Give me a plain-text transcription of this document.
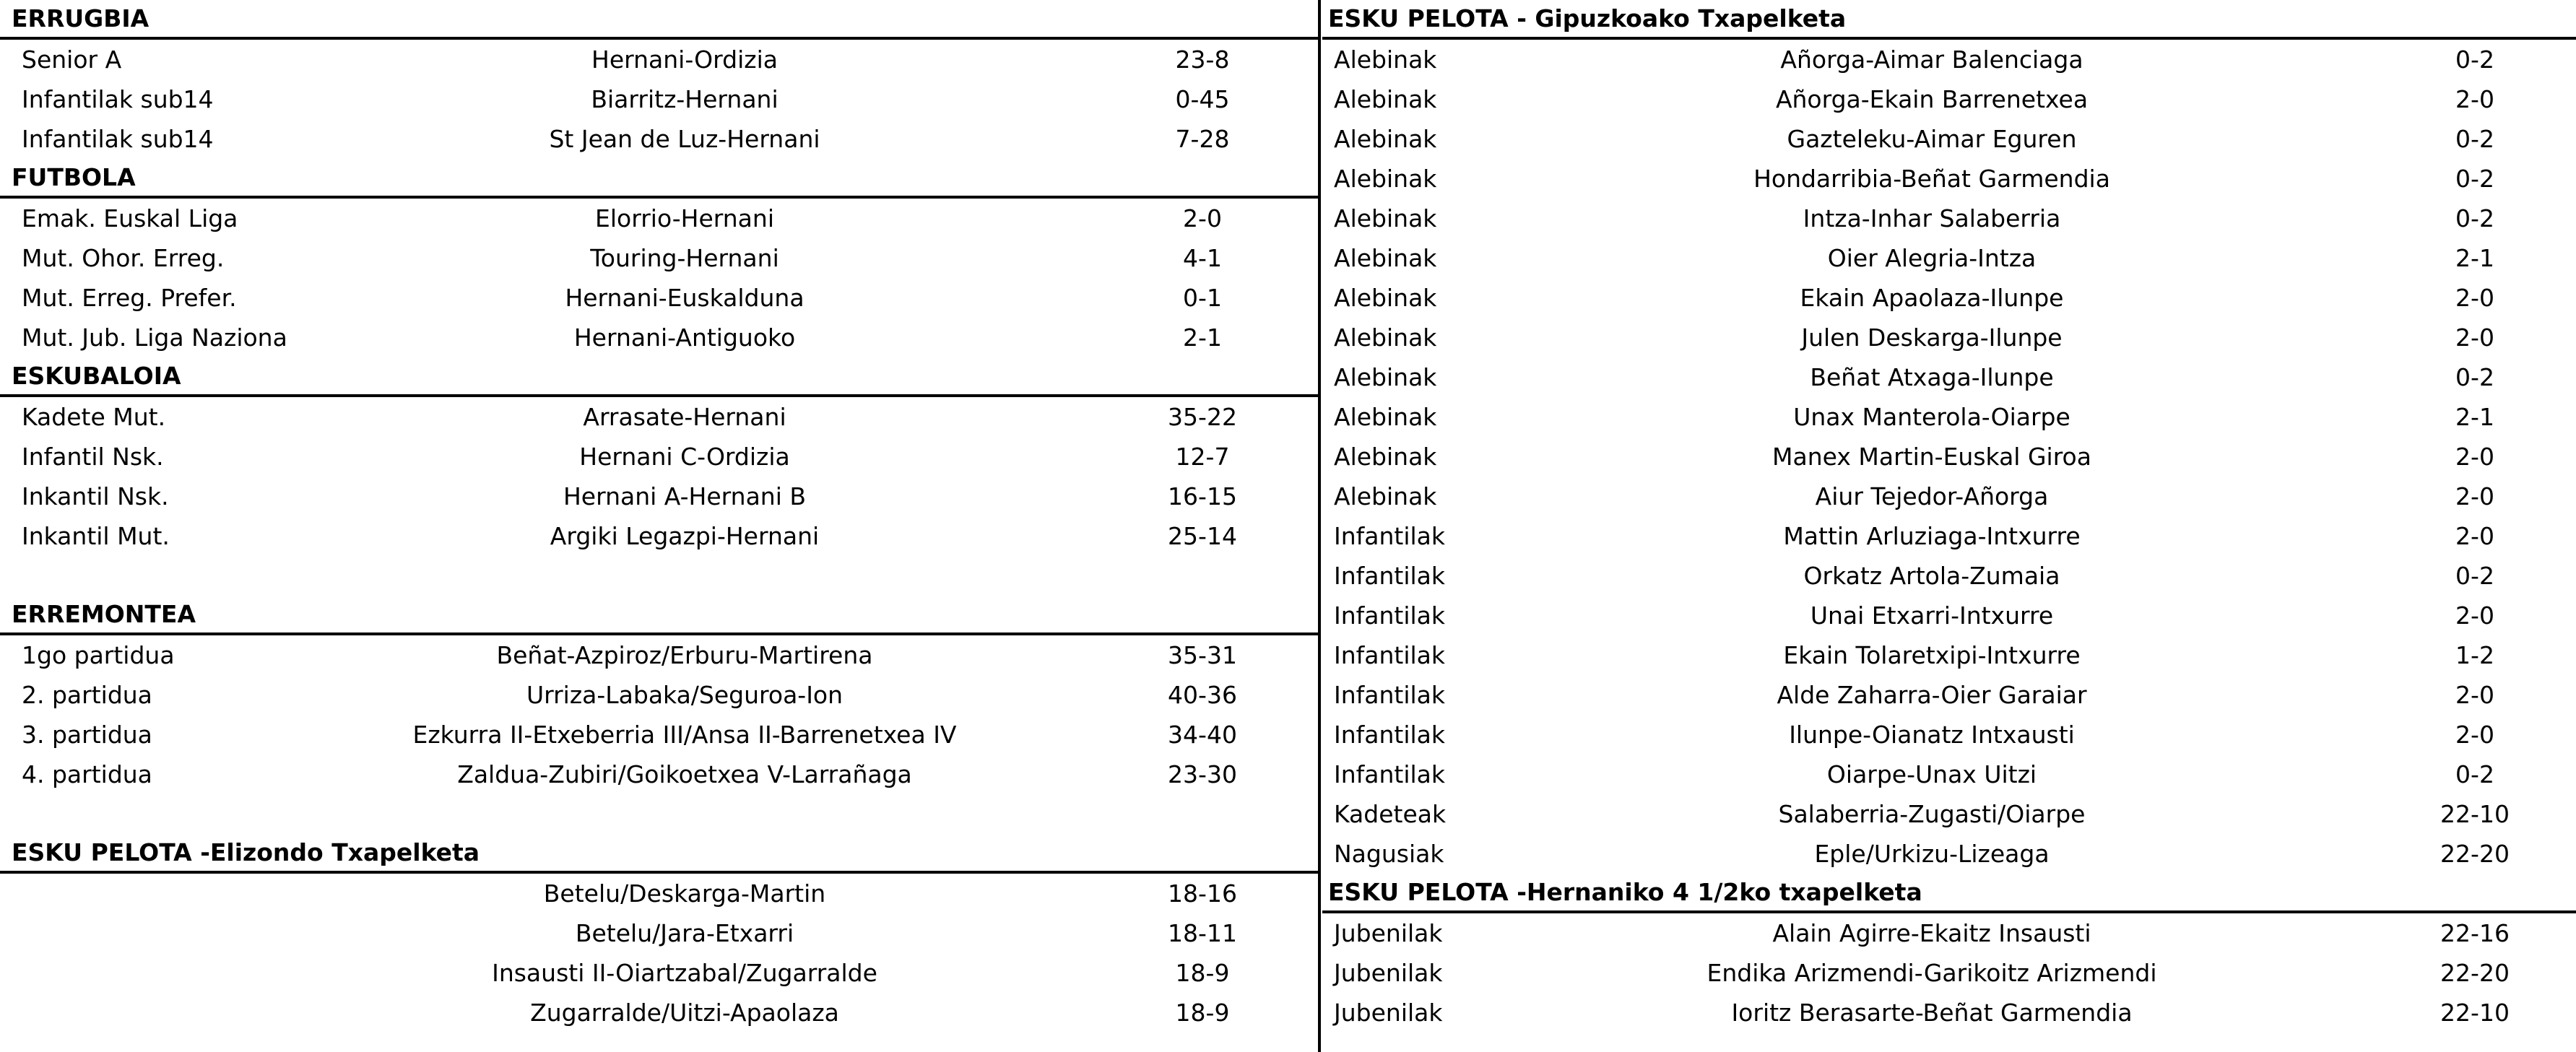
ERRUGBIA
Senior A	Hernani-Ordizia	23-8
Infantilak sub14	Biarritz-Hernani	0-45
Infantilak sub14	St Jean de Luz-Hernani	7-28
FUTBOLA
Emak. Euskal Liga	Elorrio-Hernani	2-0
Mut. Ohor. Erreg.	Touring-Hernani	4-1
Mut. Erreg. Prefer.	Hernani-Euskalduna	0-1
Mut. Jub. Liga Naziona	Hernani-Antiguoko	2-1
ESKUBALOIA
Kadete Mut.	Arrasate-Hernani	35-22
Infantil Nsk.	Hernani C-Ordizia	12-7
Inkantil Nsk.	Hernani A-Hernani B	16-15
Inkantil Mut.	Argiki Legazpi-Hernani	25-14
ERREMONTEA
1go partidua	Beñat-Azpiroz/Erburu-Martirena	35-31
2. partidua	Urriza-Labaka/Seguroa-Ion	40-36
3. partidua	Ezkurra II-Etxeberria III/Ansa II-Barrenetxea IV	34-40
4. partidua	Zaldua-Zubiri/Goikoetxea V-Larrañaga	23-30
ESKU PELOTA -Elizondo Txapelketa
Betelu/Deskarga-Martin	18-16
Betelu/Jara-Etxarri	18-11
Insausti II-Oiartzabal/Zugarralde	18-9
Zugarralde/Uitzi-Apaolaza	18-9
ESKU PELOTA - Gipuzkoako Txapelketa
Alebinak	Añorga-Aimar Balenciaga	0-2
Alebinak	Añorga-Ekain Barrenetxea	2-0
Alebinak	Gazteleku-Aimar Eguren	0-2
Alebinak	Hondarribia-Beñat Garmendia	0-2
Alebinak	Intza-Inhar Salaberria	0-2
Alebinak	Oier Alegria-Intza	2-1
Alebinak	Ekain Apaolaza-Ilunpe	2-0
Alebinak	Julen Deskarga-Ilunpe	2-0
Alebinak	Beñat Atxaga-Ilunpe	0-2
Alebinak	Unax Manterola-Oiarpe	2-1
Alebinak	Manex Martin-Euskal Giroa	2-0
Alebinak	Aiur Tejedor-Añorga	2-0
Infantilak	Mattin Arluziaga-Intxurre	2-0
Infantilak	Orkatz Artola-Zumaia	0-2
Infantilak	Unai Etxarri-Intxurre	2-0
Infantilak	Ekain Tolaretxipi-Intxurre	1-2
Infantilak	Alde Zaharra-Oier Garaiar	2-0
Infantilak	Ilunpe-Oianatz Intxausti	2-0
Infantilak	Oiarpe-Unax Uitzi	0-2
Kadeteak	Salaberria-Zugasti/Oiarpe	22-10
Nagusiak	Eple/Urkizu-Lizeaga	22-20
ESKU PELOTA -Hernaniko 4 1/2ko txapelketa
Jubenilak	Alain Agirre-Ekaitz Insausti	22-16
Jubenilak	Endika Arizmendi-Garikoitz Arizmendi	22-20
Jubenilak	Ioritz Berasarte-Beñat Garmendia	22-10
